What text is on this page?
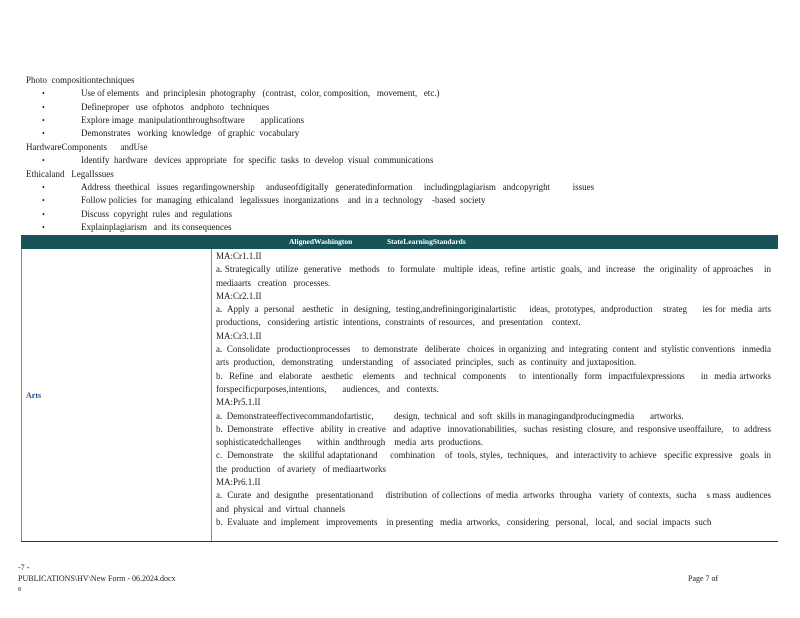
Photo  compositiontechniques
•	Use of elements   and  principlesin  photography   (contrast,  color, composition,   movement,   etc.)
•	Defineproper   use  ofphotos   andphoto   techniques
•	Explore image  manipulationthroughsoftware       applications
•	Demonstrates   working  knowledge   of graphic  vocabulary
HardwareComponents      andUse
•	Identify  hardware   devices  appropriate   for  specific  tasks  to  develop  visual  communications
Ethicaland   LegalIssues
•	Address  theethical   issues  regardingownership     anduseofdigitally   generatedinformation     includingplagiarism   andcopyright          issues
•	Follow policies  for  managing  ethicaland   legalissues  inorganizations    and  in a  technology    -based  society
•	Discuss  copyright  rules  and  regulations
•	Explainplagiarism   and  its consequences
AlignedWashington	StateLearningStandards
Arts
MA:Cr1.1.II
a. Strategically  utilize  generative   methods   to  formulate   multiple  ideas,  refine  artistic  goals,  and  increase   the  originality  of approaches    in mediaarts   creation   processes.
MA:Cr2.1.II
a.  Apply  a  personal   aesthetic   in  designing,  testing,andrefiningoriginalartistic     ideas,  prototypes,  andproduction    strateg      ies for  media  arts  productions,   considering  artistic  intentions,  constraints  of resources,   and  presentation    context.
MA:Cr3.1.II
a.  Consolidate   productionprocesses     to  demonstrate   deliberate   choices  in organizing  and  integrating  content  and  stylistic conventions   inmedia  arts  production,   demonstrating    understanding    of  associated  principles,  such  as  continuity  and juxtaposition.
b.  Refine  and  elaborate   aesthetic   elements   and  technical  components    to  intentionally  form  impactfulexpressions     in  media artworks   forspecificpurposes,intentions,       audiences,   and   contexts.
MA:Pr5.1.II
a.  Demonstrateeffectivecommandofartistic,         design,  technical  and  soft  skills in managingandproducingmedia       artworks.
b.  Demonstrate    effective   ability  in creative   and  adaptive   innovationabilities,   suchas  resisting  closure,  and  responsive useoffailure,    to  address   sophisticatedchallenges       within  andthrough    media  arts  productions.
c.  Demonstrate    the  skillful adaptationand     combination    of  tools, styles,  techniques,   and  interactivity to achieve   specific expressive   goals  in the  production   of avariety   of mediaartworks
MA:Pr6.1.II
a.  Curate  and  designthe   presentationand     distribution  of collections  of media  artworks  througha   variety  of contexts,  sucha    s mass  audiences    and  physical  and  virtual  channels
b.  Evaluate  and  implement   improvements    in presenting   media  artworks,   considering   personal,   local,  and  social  impacts  such
-7 -
PUBLICATIONS\HV\New Form - 06.2024.docx
8
Page 7 of
